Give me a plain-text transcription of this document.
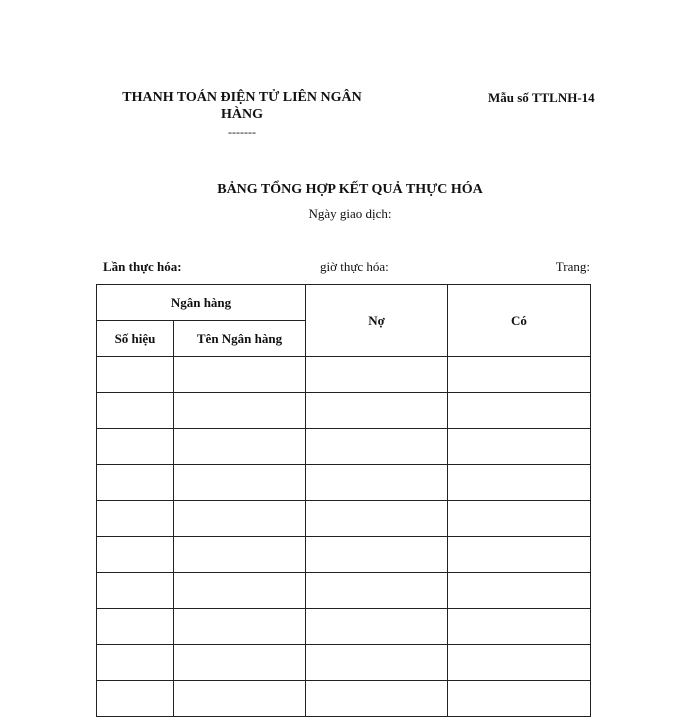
THANH TOÁN ĐIỆN TỬ LIÊN NGÂN HÀNG
-------
Mẫu số TTLNH-14
BẢNG TỔNG HỢP KẾT QUẢ THỰC HÓA
Ngày giao dịch:
Lần thực hóa:	giờ thực hóa:	Trang:
Ngân hàng		Nợ	Có
Số hiệu	Tên Ngân hàng		
